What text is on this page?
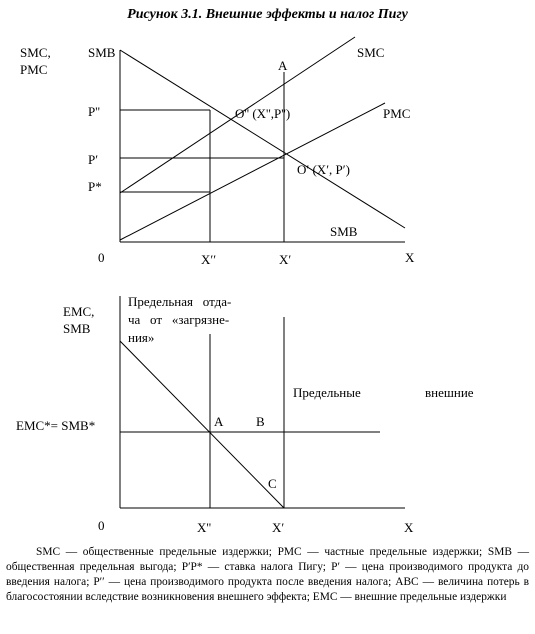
Рисунок 3.1. Внешние эффекты и налог Пигу
SMC,
PMC
SMB
A
SMC
P''	O'' (X'',P'')	PMC
P′
O′ (X′, P′)
P*
SMB
0	X′′	X′	X
EMC,
SMB
Предельная   отда-
ча   от   «загрязне-
ния»
Предельные	внешние
EMC*= SMB*	A	B
C
0	X''	X′	X
SMC — общественные предельные издержки; PMC — частные предельные издержки; SMB — общественная предельная выгода; P′P* — ставка налога Пигу; P′ — цена производимого продукта до введения налога; P′′ — цена производимого продукта после введения налога; ABC — величина потерь в благосостоянии вследствие возникновения внешнего эффекта; EMC — внешние предельные издержки
